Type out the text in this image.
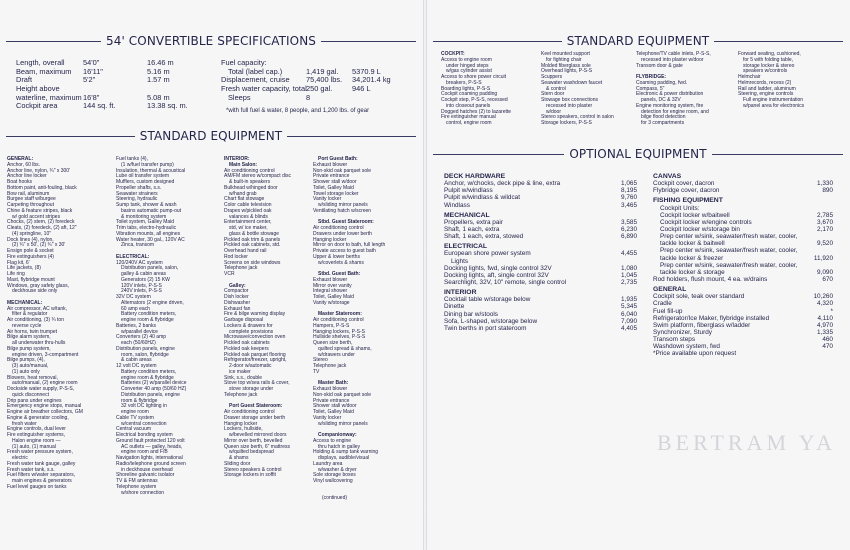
54' CONVERTIBLE SPECIFICATIONS
Length, overall	54'0"	16.46 m
Beam, maximum 16'11"	5.16 m
Draft	5'2"	1.57 m
Height above
waterline, maximum 16'8"	5.08 m
Cockpit area	144 sq. ft.	13.38 sq. m.
Fuel capacity:
Total (label cap.)	1,419 gal. 5370.9 L
Displacement, cruise 75,400 lbs. 34,201.4 kg
Fresh water capacity, total 250 gal.	946 L
Sleeps	8
*with full fuel & water, 8 people, and 1,200 lbs. of gear
STANDARD EQUIPMENT
GENERAL:
Anchor, 60 lbs.
Anchor line, nylon, ¾" x 300'
Anchor line locker
Boat hooks
Bottom paint, anti-fouling, black
Bow rail, aluminum
Burgee staff w/burgee
Carpeting throughout
Chine & feature stripes, black
w/ gold accent stripes
Chocks, (2) stern, (2) foredeck
Cleats, (2) foredeck, (2) aft, 12"
(4) springline, 10"
Dock lines (4), nylon,
(2) ¾" x 50', (2) ¾" x 30'
Ensign pole & socket
Fire extinguishers (4)
Flag kit, 6'
Life jackets, (8)
Life ring
Mast, flybridge mount
Windows, gray safety glass,
deckhouse side only
MECHANICAL:
Air compressor, AC w/tank,
filter & regulator
Air conditioning, (3) ¾ ton
reverse cycle
Air horns, twin trumpet
Bilge alarm system,
all underwater thru-hulls
Bilge pump system,
engine driven, 3-compartment
Bilge pumps, (4),
(3) auto/manual,
(1) auto only
Blowers, heat removal,
auto/manual, (2) engine room
Dockside water supply, P-S-S,
quick disconnect
Drip pans under engines
Emergency engine stops, manual
Engine air breather collectors, GM
Engine & generator cooling,
fresh water
Engine controls, dual lever
Fire extinguisher systems,
Halon engine room —
(1) auto, (1) manual
Fresh water pressure system,
electric
Fresh water tank gauge, galley
Fresh water tank, s.s.
Fuel filters w/water separators,
main engines & generators
Fuel level gauges on tanks
Fuel tanks (4),
(1 w/fuel transfer pump)
Insulation, thermal & acoustical
Lube oil transfer system
Mufflers, custom designed
Propeller shafts, s.s.
Seawater strainers
Steering, hydraulic
Sump tank, shower & wash
basins automatic pump-out
& monitoring system
Toilet system, Galley Maid
Trim tabs, electro-hydraulic
Vibration mounts, all engines
Water heater, 30 gal., 120V AC
Zinca, transom
ELECTRICAL:
120/240V AC system
Distribution panels, salon,
galley & cabin areas
Generators (2) 15 KW
120V inlets, P-S-S
240V inlets, P-S-S
32V DC system
Alternators (2 engine driven,
60 amp each
Battery condition meters,
engine room & flybridge
Batteries, 2 banks
w/parallel device
Converters (2) 40 amp
each (50/60HZ)
Distribution panels, engine
room, salon, flybridge
& cabin areas
12 volt DC system
Battery condition meters,
engine room & flybridge
Batteries (2) w/parallel device
Converter 40 amp (50/60 HZ)
Distribution panels, engine
room & flybridge
32 volt DC lighting in
engine room
Cable TV system
w/central connection
Central vacuum
Electrical bonding system
Ground fault protected 120 volt
AC outlets — galley, heads,
engine room and F/B
Navigation lights, international
Radio/telephone ground screen
in deckhouse overhead
Shoreline galvanic isolator
TV & FM antennas
Telephone system
w/shore connection
INTERIOR:
Main Salon:
Air conditioning control
AM/FM stereo w/compact disc
& built-in speakers
Bulkhead w/hinged door
w/hand grab
Chart flat stowage
Color cable television
Drapes w/pickled oak
valances & blinds
Entertainment center,
std, w/ ice maker,
glass & bottle stowage
Pickled oak trim & panels
Pickled oak cabinets, std.
Overhead hand rail
Rod locker
Screens on side windows
Telephone jack
VCR
Galley:
Compactor
Dish locker
Dishwasher
Exhaust fan
Fire & bilge warning display
Garbage disposal
Lockers & drawers for
complete provisions
Microwave/convection oven
Pickled oak cabinets
Pickled oak keepers
Pickled oak parquet flooring
Refrigerator/freezer, upright,
2-door w/automatic
ice maker
Sink, s.s., double
Stove top w/sea rails & cover,
stove storage under
Telephone jack
Port Guest Stateroom:
Air conditioning control
Drawer storage under berth
Hanging locker
Lockers, hullside,
w/bevelled mirrored doors
Mirror over berth, bevelled
Queen size berth, 6" mattress
w/quilted bedspread
& shams
Sliding door
Stereo speakers & control
Storage lockers in soffit
Port Guest Bath:
Exhaust blower
Non-skid oak parquet sole
Private entrance
Shower stall w/door
Toilet, Galley Maid
Towel storage locker
Vanity locker
w/sliding mirror panels
Ventilating hatch w/screen
Stbd. Guest Stateroom:
Air conditioning control
Drawers under lower berth
Hanging locker
Mirror on door to bath, full length
Private access to guest bath
Upper & lower berths
w/coverlets & shams
Stbd. Guest Bath:
Exhaust blower
Mirror over vanity
Integral shower
Toilet, Galley Maid
Vanity w/storage
Master Stateroom:
Air conditioning control
Hampers, P-S-S
Hanging lockers, P-S-S
Hullside shelves, P-S-S
Queen size berth,
quilted spread & shams,
w/drawers under
Stereo
Telephone jack
TV
Master Bath:
Exhaust blower
Non-skid oak parquet sole
Private entrance
Shower stall w/door
Toilet, Galley Maid
Vanity locker
w/sliding mirror panels
Companionway:
Access to engine
thru hatch in galley
Holding & sump tank warning
displays, audible/visual
Laundry area
w/washer & dryer
Sole storage boxes
Vinyl wallcovering
(continued)
STANDARD EQUIPMENT
COCKPIT:
Access to engine room
under hinged steps
w/gas cylinder assist
Access to shore power circuit
breakers, P-S-S
Boarding lights, P-S-S
Cockpit coaming padding
Cockpit step, P-S-S, recessed
into closeout panels
Dogged hatches (2) to lazarette
Fire extinguisher manual
control, engine room
Keel mounted support
for fighting chair
Molded fiberglass sole
Overhead lights, P-S-S
Scuppers
Seawater washdown faucet
& control
Stern door
Stowage box connections
recessed into plaster
w/door
Stereo speakers, control in salon
Storage lockers, P-S-S
Telephone/TV cable inlets, P-S-S,
recessed into plaster w/door
Transom door & gate
FLYBRIDGE:
Coaming padding, fwd.
Compass, 5"
Electronic & power distribution
panels, DC & 32V
Engine monitoring system, fire
detection for engine room, and
bilge flood detection
for 3 compartments
Forward seating, cushioned,
for 5 with folding table,
storage locker & stereo
speakers w/controls
Helmchair
Helmrecords, recess (2)
Rail and ladder, aluminum
Steering, engine controls
Full engine instrumentation
w/panel area for electronics
OPTIONAL EQUIPMENT
BERTRAM YA
DECK HARDWARE
Anchor, w/chocks, deck pipe & line, extra	1,065
Pulpit w/windlass	8,195
Pulpit w/windlass & wildcat	9,760
Windlass	3,465
MECHANICAL
Propellers, extra pair	3,585
Shaft, 1 each, extra	6,230
Shaft, 1 each, extra, stowed	6,890
ELECTRICAL
European shore power system	4,455
Lights
Docking lights, fwd, single control 32V	1,080
Docking lights, aft, single control 32V	1,045
Searchlight, 32V, 10" remote, single control	2,735
INTERIOR
Cocktail table w/storage below	1,935
Dinette	5,345
Dining bar w/stools	6,040
Sofa, L-shaped, w/storage below	7,090
Twin berths in port stateroom	4,405
CANVAS
Cockpit cover, dacron	1,330
Flybridge cover, dacron	890
FISHING EQUIPMENT
Cockpit Units:
Cockpit locker w/baitwell	2,785
Cockpit locker w/engine controls	3,670
Cockpit locker w/storage bin	2,170
Prep center w/sink, seawater/fresh water, cooler,
tackle locker & baitwell	9,520
Prep center w/sink, seawater/fresh water, cooler,
tackle locker & freezer	11,920
Prep center w/sink, seawater/fresh water, cooler,
tackle locker & storage	9,090
Rod holders, flush mount, 4 ea. w/drains	670
GENERAL
Cockpit sole, teak over standard	10,260
Cradle	4,320
Fuel fill-up	*
Refrigerator/Ice Maker, flybridge installed	4,110
Swim platform, fiberglass w/ladder	4,970
Synchronizer, Sturdy	1,335
Transom steps	460
Washdown system, fwd	470
*Price available upon request
